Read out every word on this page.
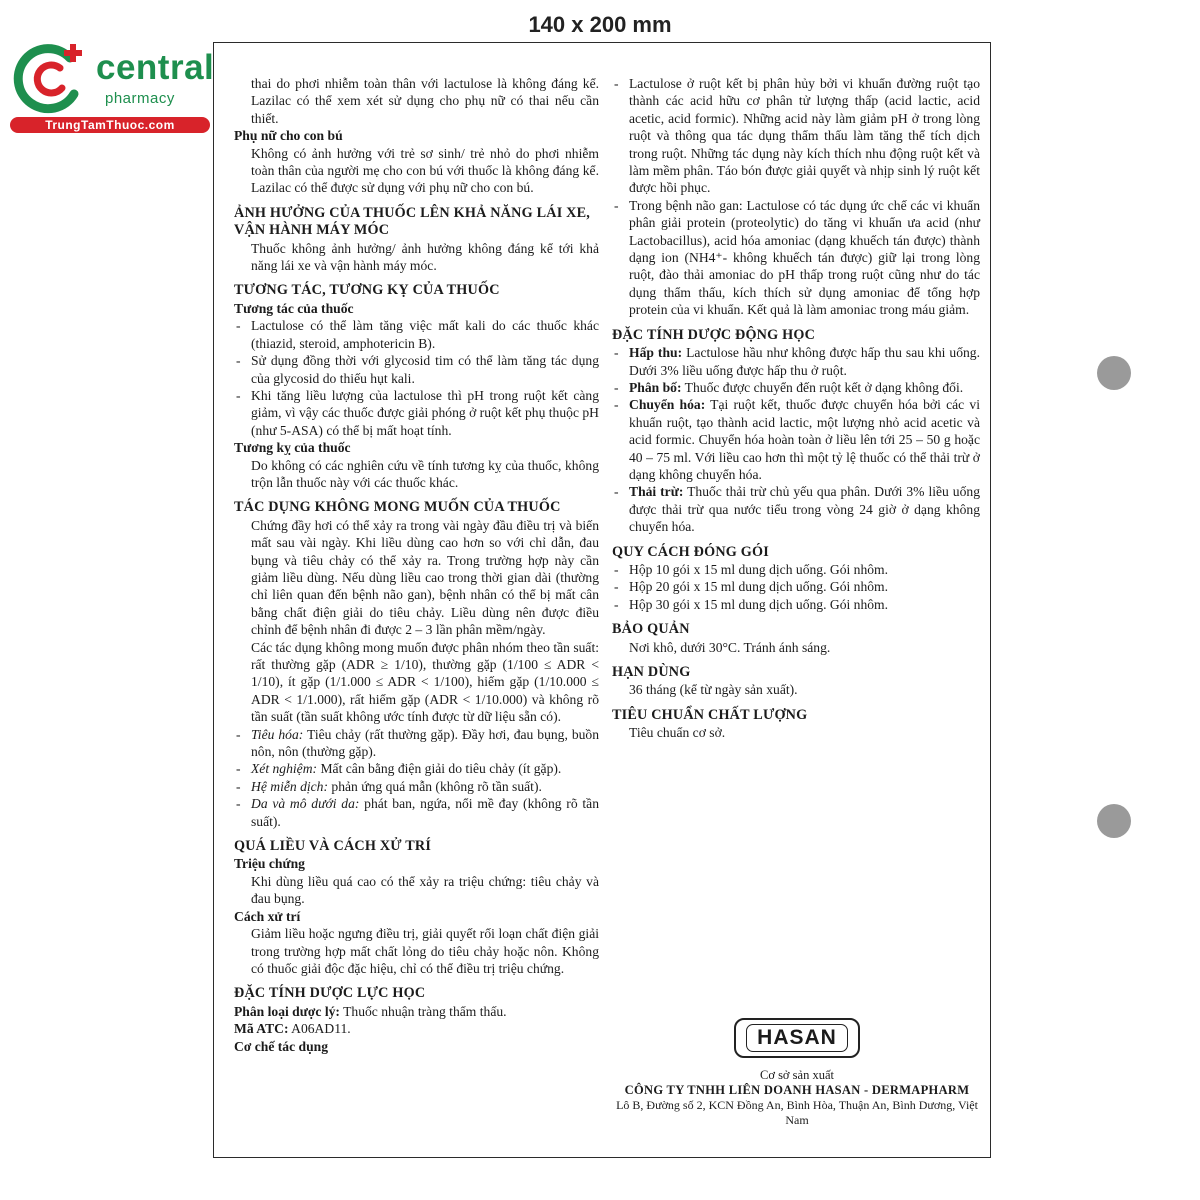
140 x 200 mm
central
pharmacy
TrungTamThuoc.com
thai do phơi nhiễm toàn thân với lactulose là không đáng kể. Lazilac có thể xem xét sử dụng cho phụ nữ có thai nếu cần thiết.
Phụ nữ cho con bú
Không có ảnh hưởng với trẻ sơ sinh/ trẻ nhỏ do phơi nhiễm toàn thân của người mẹ cho con bú với thuốc là không đáng kể. Lazilac có thể được sử dụng với phụ nữ cho con bú.
ẢNH HƯỞNG CỦA THUỐC LÊN KHẢ NĂNG LÁI XE, VẬN HÀNH MÁY MÓC
Thuốc không ảnh hưởng/ ảnh hưởng không đáng kể tới khả năng lái xe và vận hành máy móc.
TƯƠNG TÁC, TƯƠNG KỴ CỦA THUỐC
Tương tác của thuốc
- Lactulose có thể làm tăng việc mất kali do các thuốc khác (thiazid, steroid, amphotericin B).
- Sử dụng đồng thời với glycosid tim có thể làm tăng tác dụng của glycosid do thiếu hụt kali.
- Khi tăng liều lượng của lactulose thì pH trong ruột kết càng giảm, vì vậy các thuốc được giải phóng ở ruột kết phụ thuộc pH (như 5-ASA) có thể bị mất hoạt tính.
Tương kỵ của thuốc
Do không có các nghiên cứu về tính tương kỵ của thuốc, không trộn lẫn thuốc này với các thuốc khác.
TÁC DỤNG KHÔNG MONG MUỐN CỦA THUỐC
Chứng đầy hơi có thể xảy ra trong vài ngày đầu điều trị và biến mất sau vài ngày. Khi liều dùng cao hơn so với chỉ dẫn, đau bụng và tiêu chảy có thể xảy ra. Trong trường hợp này cần giảm liều dùng. Nếu dùng liều cao trong thời gian dài (thường chỉ liên quan đến bệnh não gan), bệnh nhân có thể bị mất cân bằng chất điện giải do tiêu chảy. Liều dùng nên được điều chỉnh để bệnh nhân đi được 2 – 3 lần phân mềm/ngày.
Các tác dụng không mong muốn được phân nhóm theo tần suất: rất thường gặp (ADR ≥ 1/10), thường gặp (1/100 ≤ ADR < 1/10), ít gặp (1/1.000 ≤ ADR < 1/100), hiếm gặp (1/10.000 ≤ ADR < 1/1.000), rất hiếm gặp (ADR < 1/10.000) và không rõ tần suất (tần suất không ước tính được từ dữ liệu sẵn có).
- Tiêu hóa: Tiêu chảy (rất thường gặp). Đầy hơi, đau bụng, buồn nôn, nôn (thường gặp).
- Xét nghiệm: Mất cân bằng điện giải do tiêu chảy (ít gặp).
- Hệ miễn dịch: phản ứng quá mẫn (không rõ tần suất).
- Da và mô dưới da: phát ban, ngứa, nổi mề đay (không rõ tần suất).
QUÁ LIỀU VÀ CÁCH XỬ TRÍ
Triệu chứng
Khi dùng liều quá cao có thể xảy ra triệu chứng: tiêu chảy và đau bụng.
Cách xử trí
Giảm liều hoặc ngưng điều trị, giải quyết rối loạn chất điện giải trong trường hợp mất chất lỏng do tiêu chảy hoặc nôn. Không có thuốc giải độc đặc hiệu, chỉ có thể điều trị triệu chứng.
ĐẶC TÍNH DƯỢC LỰC HỌC
Phân loại dược lý: Thuốc nhuận tràng thẩm thấu.
Mã ATC: A06AD11.
Cơ chế tác dụng
- Lactulose ở ruột kết bị phân hủy bởi vi khuẩn đường ruột tạo thành các acid hữu cơ phân tử lượng thấp (acid lactic, acid acetic, acid formic). Những acid này làm giảm pH ở trong lòng ruột và thông qua tác dụng thẩm thấu làm tăng thể tích dịch trong ruột. Những tác dụng này kích thích nhu động ruột kết và làm mềm phân. Táo bón được giải quyết và nhịp sinh lý ruột kết được hồi phục.
- Trong bệnh não gan: Lactulose có tác dụng ức chế các vi khuẩn phân giải protein (proteolytic) do tăng vi khuẩn ưa acid (như Lactobacillus), acid hóa amoniac (dạng khuếch tán được) thành dạng ion (NH4⁺- không khuếch tán được) giữ lại trong lòng ruột, đào thải amoniac do pH thấp trong ruột cũng như do tác dụng thẩm thấu, kích thích sử dụng amoniac để tổng hợp protein của vi khuẩn. Kết quả là làm amoniac trong máu giảm.
ĐẶC TÍNH DƯỢC ĐỘNG HỌC
- Hấp thu: Lactulose hầu như không được hấp thu sau khi uống. Dưới 3% liều uống được hấp thu ở ruột.
- Phân bố: Thuốc được chuyển đến ruột kết ở dạng không đổi.
- Chuyển hóa: Tại ruột kết, thuốc được chuyển hóa bởi các vi khuẩn ruột, tạo thành acid lactic, một lượng nhỏ acid acetic và acid formic. Chuyển hóa hoàn toàn ở liều lên tới 25 – 50 g hoặc 40 – 75 ml. Với liều cao hơn thì một tỷ lệ thuốc có thể thải trừ ở dạng không chuyển hóa.
- Thải trừ: Thuốc thải trừ chủ yếu qua phân. Dưới 3% liều uống được thải trừ qua nước tiểu trong vòng 24 giờ ở dạng không chuyển hóa.
QUY CÁCH ĐÓNG GÓI
- Hộp 10 gói x 15 ml dung dịch uống. Gói nhôm.
- Hộp 20 gói x 15 ml dung dịch uống. Gói nhôm.
- Hộp 30 gói x 15 ml dung dịch uống. Gói nhôm.
BẢO QUẢN
Nơi khô, dưới 30°C. Tránh ánh sáng.
HẠN DÙNG
36 tháng (kể từ ngày sản xuất).
TIÊU CHUẨN CHẤT LƯỢNG
Tiêu chuẩn cơ sở.
HASAN
Cơ sở sản xuất
CÔNG TY TNHH LIÊN DOANH HASAN - DERMAPHARM
Lô B, Đường số 2, KCN Đồng An, Bình Hòa, Thuận An, Bình Dương, Việt Nam
